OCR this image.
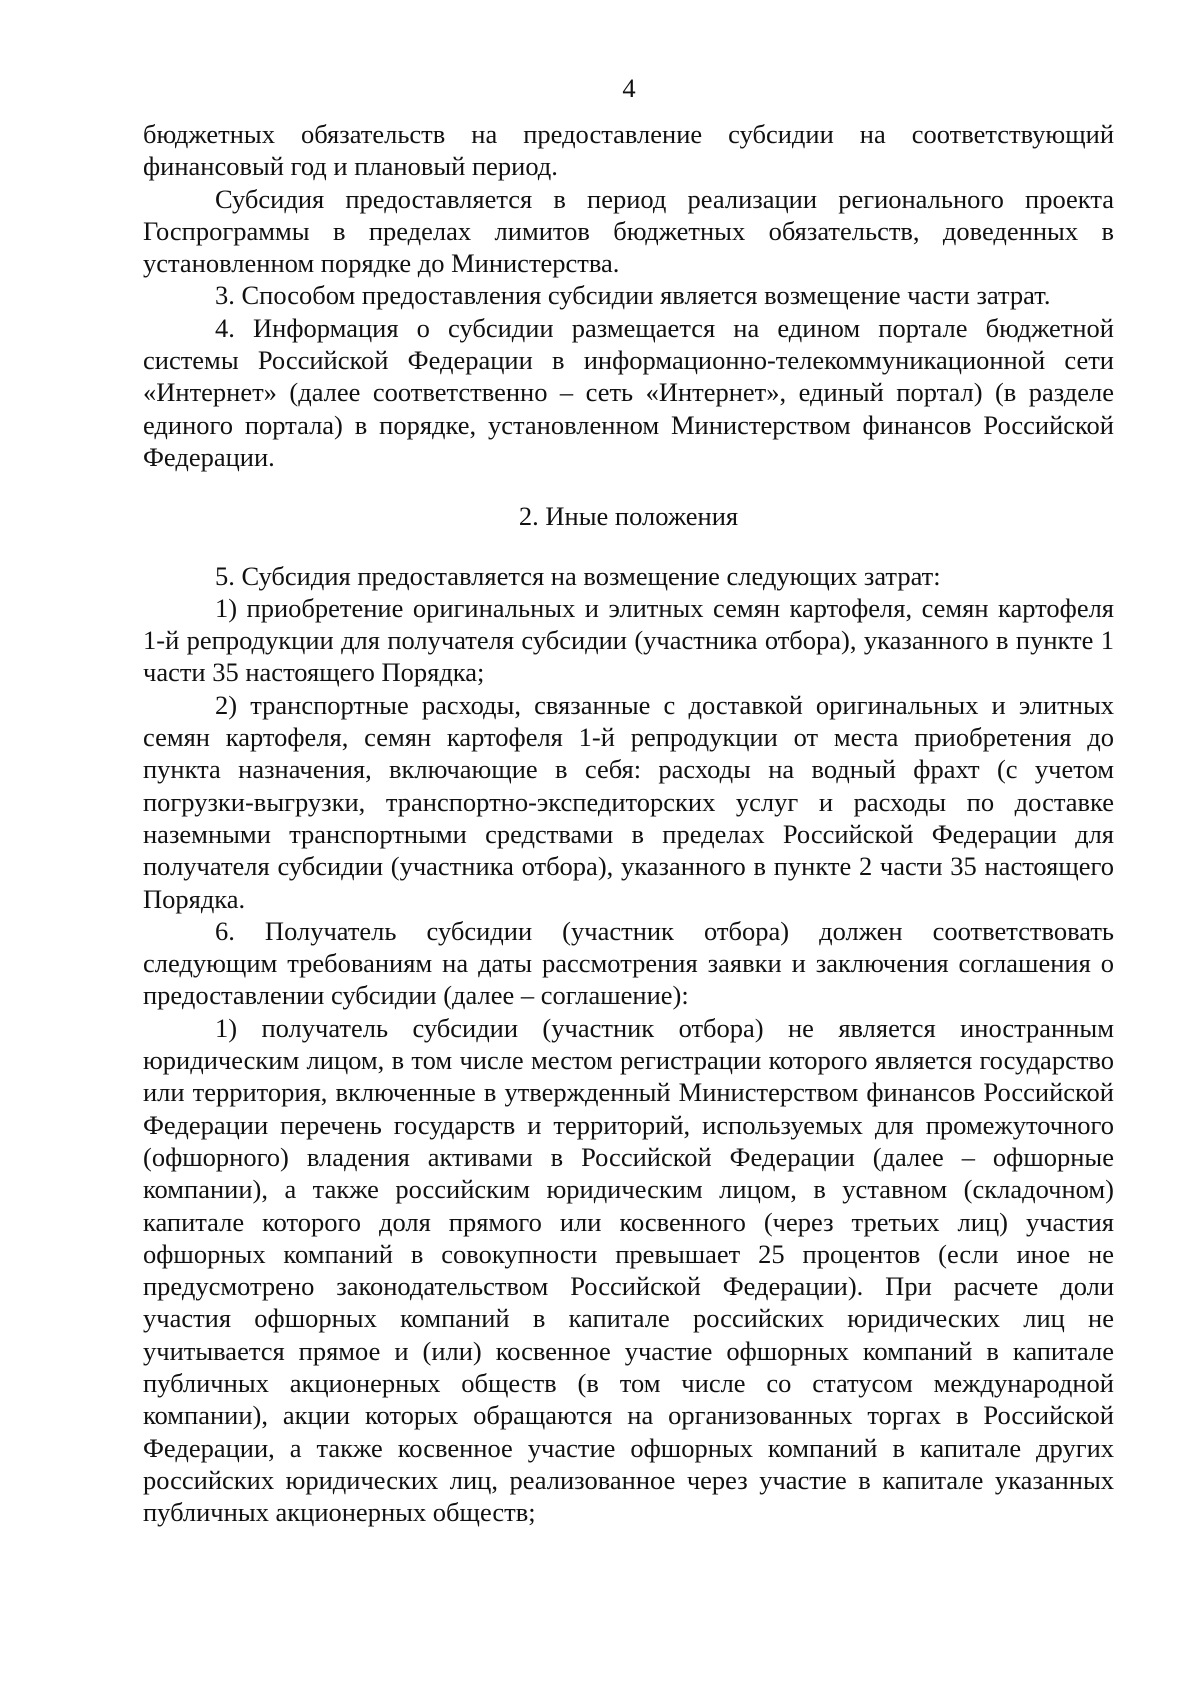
4

бюджетных обязательств на предоставление субсидии на соответствующий финансовый год и плановый период.

Субсидия предоставляется в период реализации регионального проекта Госпрограммы в пределах лимитов бюджетных обязательств, доведенных в установленном порядке до Министерства.

3. Способом предоставления субсидии является возмещение части затрат.

4. Информация о субсидии размещается на едином портале бюджетной системы Российской Федерации в информационно-телекоммуникационной сети «Интернет» (далее соответственно – сеть «Интернет», единый портал) (в разделе единого портала) в порядке, установленном Министерством финансов Российской Федерации.

2. Иные положения

5. Субсидия предоставляется на возмещение следующих затрат:

1) приобретение оригинальных и элитных семян картофеля, семян картофеля 1-й репродукции для получателя субсидии (участника отбора), указанного в пункте 1 части 35 настоящего Порядка;

2) транспортные расходы, связанные с доставкой оригинальных и элитных семян картофеля, семян картофеля 1-й репродукции от места приобретения до пункта назначения, включающие в себя: расходы на водный фрахт (с учетом погрузки-выгрузки, транспортно-экспедиторских услуг и расходы по доставке наземными транспортными средствами в пределах Российской Федерации для получателя субсидии (участника отбора), указанного в пункте 2 части 35 настоящего Порядка.

6. Получатель субсидии (участник отбора) должен соответствовать следующим требованиям на даты рассмотрения заявки и заключения соглашения о предоставлении субсидии (далее – соглашение):

1) получатель субсидии (участник отбора) не является иностранным юридическим лицом, в том числе местом регистрации которого является государство или территория, включенные в утвержденный Министерством финансов Российской Федерации перечень государств и территорий, используемых для промежуточного (офшорного) владения активами в Российской Федерации (далее – офшорные компании), а также российским юридическим лицом, в уставном (складочном) капитале которого доля прямого или косвенного (через третьих лиц) участия офшорных компаний в совокупности превышает 25 процентов (если иное не предусмотрено законодательством Российской Федерации). При расчете доли участия офшорных компаний в капитале российских юридических лиц не учитывается прямое и (или) косвенное участие офшорных компаний в капитале публичных акционерных обществ (в том числе со статусом международной компании), акции которых обращаются на организованных торгах в Российской Федерации, а также косвенное участие офшорных компаний в капитале других российских юридических лиц, реализованное через участие в капитале указанных публичных акционерных обществ;
